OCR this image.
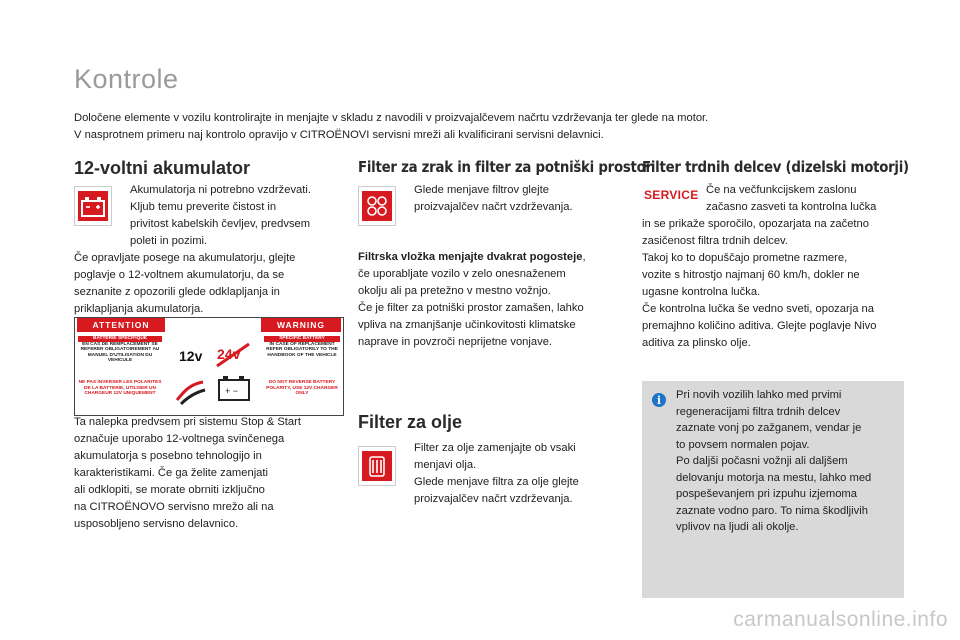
Kontrole

Določene elemente v vozilu kontrolirajte in menjajte v skladu z navodili v proizvajalčevem načrtu vzdrževanja ter glede na motor.

V nasprotnem primeru naj kontrolo opravijo v CITROËNOVI servisni mreži ali kvalificirani servisni delavnici.

12-voltni akumulator

Akumulatorja ni potrebno vzdrževati.

Kljub temu preverite čistost in

privitost kabelskih čevljev, predvsem

poleti in pozimi.

Če opravljate posege na akumulatorju, glejte

poglavje o 12-voltnem akumulatorju, da se

seznanite z opozorili glede odklapljanja in

priklapljanja akumulatorja.

ATTENTION	WARNING
BATTERIE SPECIFIQUE
EN CAS DE REMPLACEMENT SE REFERER OBLIGATOIREMENT AU MANUEL D'UTILISATION DU VEHICULE
NE PAS INVERSER LES POLARITES DE LA BATTERIE, UTILISER UN CHARGEUR 12V UNIQUEMENT
SPECIFIC BATTERY
IN CASE OF REPLACEMENT REFER OBLIGATORILY TO THE HANDBOOK OF THE VEHICLE
DO NOT REVERSE BATTERY POLARITY, USE 12V CHARGER ONLY
12v 24v
+ −

Ta nalepka predvsem pri sistemu Stop & Start

označuje uporabo 12-voltnega svinčenega

akumulatorja s posebno tehnologijo in

karakteristikami. Če ga želite zamenjati

ali odklopiti, se morate obrniti izključno

na CITROËNOVO servisno mrežo ali na

usposobljeno servisno delavnico.

Filter za zrak in filter za potniški prostor

Glede menjave filtrov glejte

proizvajalčev načrt vzdrževanja.

Filtrska vložka menjajte dvakrat pogosteje,

če uporabljate vozilo v zelo onesnaženem

okolju ali pa pretežno v mestno vožnjo.

Če je filter za potniški prostor zamašen, lahko

vpliva na zmanjšanje učinkovitosti klimatske

naprave in povzroči neprijetne vonjave.

Filter za olje

Filter za olje zamenjajte ob vsaki

menjavi olja.

Glede menjave filtra za olje glejte

proizvajalčev načrt vzdrževanja.

Filter trdnih delcev (dizelski motorji)
SERVICE Če na večfunkcijskem zaslonu

začasno zasveti ta kontrolna lučka

in se prikaže sporočilo, opozarjata na začetno

zasičenost filtra trdnih delcev.

Takoj ko to dopuščajo prometne razmere,

vozite s hitrostjo najmanj 60 km/h, dokler ne

ugasne kontrolna lučka.

Če kontrolna lučka še vedno sveti, opozarja na

premajhno količino aditiva. Glejte poglavje Nivo

aditiva za plinsko olje.

i	Pri novih vozilih lahko med prvimi
regeneracijami filtra trdnih delcev
zaznate vonj po zažganem, vendar je
to povsem normalen pojav.
Po daljši počasni vožnji ali daljšem
delovanju motorja na mestu, lahko med
pospeševanjem pri izpuhu izjemoma
zaznate vodno paro. To nima škodljivih
vplivov na ljudi ali okolje.
carmanualsonline.info
